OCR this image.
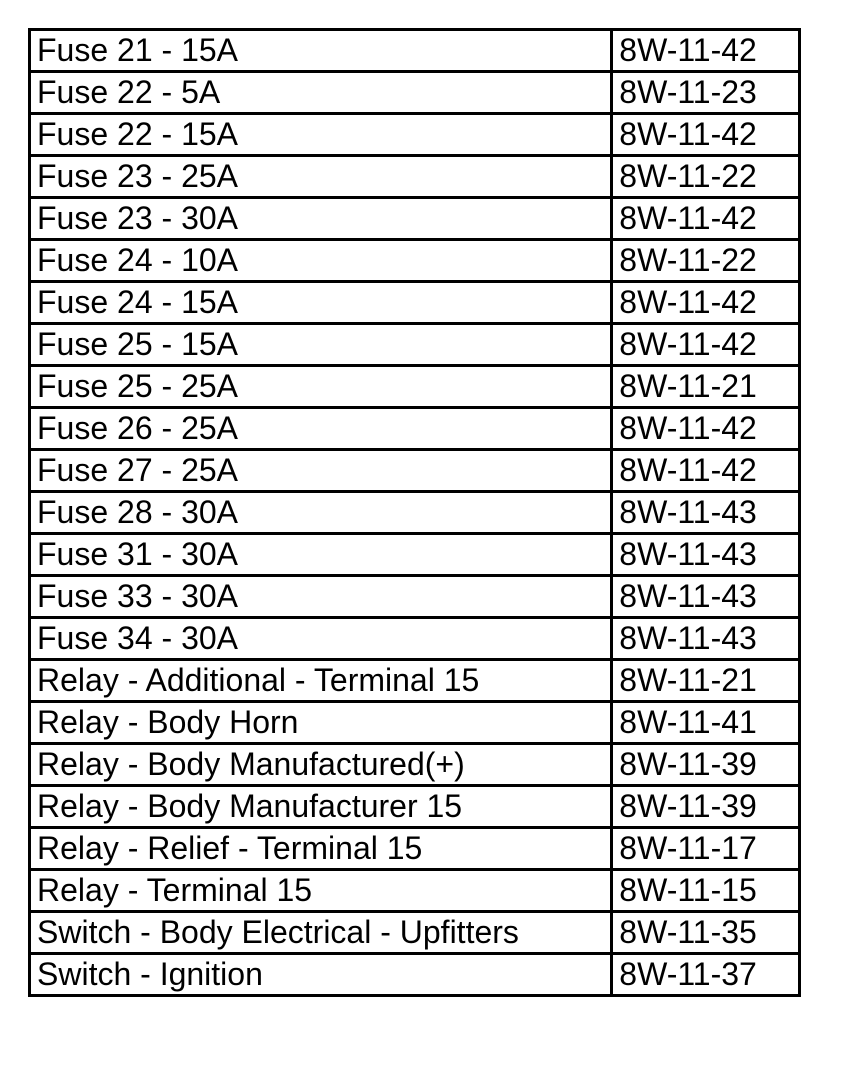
Fuse 21 - 15A	8W-11-42
Fuse 22 - 5A	8W-11-23
Fuse 22 - 15A	8W-11-42
Fuse 23 - 25A	8W-11-22
Fuse 23 - 30A	8W-11-42
Fuse 24 - 10A	8W-11-22
Fuse 24 - 15A	8W-11-42
Fuse 25 - 15A	8W-11-42
Fuse 25 - 25A	8W-11-21
Fuse 26 - 25A	8W-11-42
Fuse 27 - 25A	8W-11-42
Fuse 28 - 30A	8W-11-43
Fuse 31 - 30A	8W-11-43
Fuse 33 - 30A	8W-11-43
Fuse 34 - 30A	8W-11-43
Relay - Additional - Terminal 15	8W-11-21
Relay - Body Horn	8W-11-41
Relay - Body Manufactured(+)	8W-11-39
Relay - Body Manufacturer 15	8W-11-39
Relay - Relief - Terminal 15	8W-11-17
Relay - Terminal 15	8W-11-15
Switch - Body Electrical - Upfitters	8W-11-35
Switch - Ignition	8W-11-37
